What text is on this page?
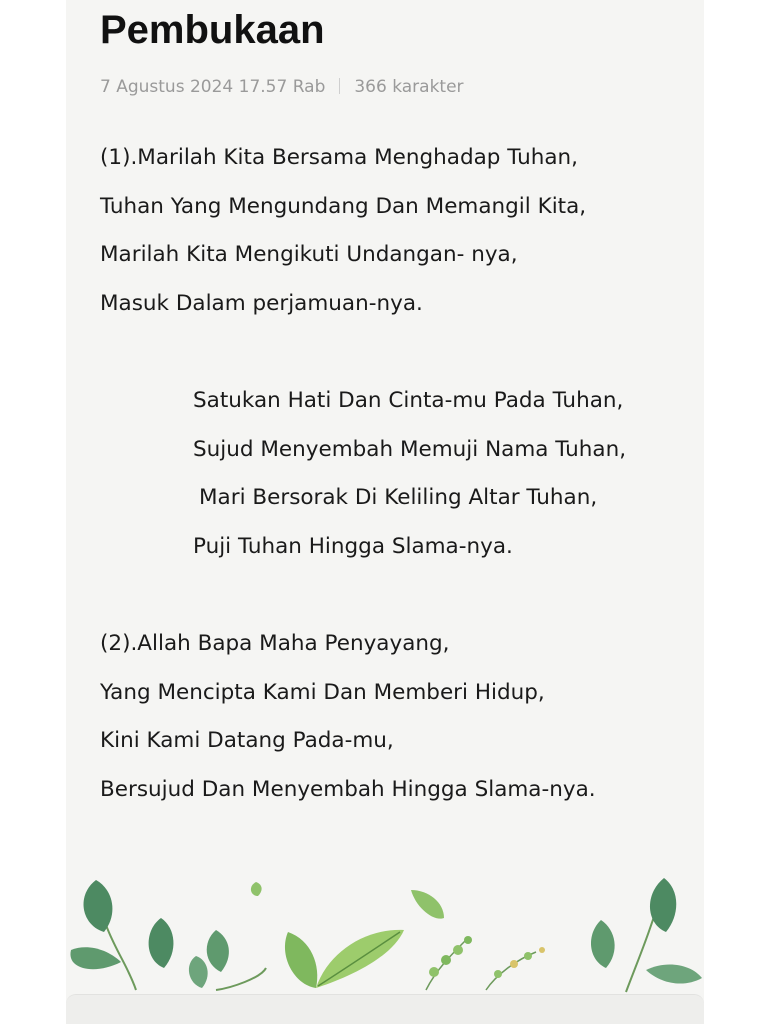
Pembukaan
7 Agustus 2024 17.57 Rab 366 karakter
(1).Marilah Kita Bersama Menghadap Tuhan,
Tuhan Yang Mengundang Dan Memangil Kita,
Marilah Kita Mengikuti Undangan- nya,
Masuk Dalam perjamuan-nya.
Satukan Hati Dan Cinta-mu Pada Tuhan,
Sujud Menyembah Memuji Nama Tuhan,
Mari Bersorak Di Keliling Altar Tuhan,
Puji Tuhan Hingga Slama-nya.
(2).Allah Bapa Maha Penyayang,
Yang Mencipta Kami Dan Memberi Hidup,
Kini Kami Datang Pada-mu,
Bersujud Dan Menyembah Hingga Slama-nya.
